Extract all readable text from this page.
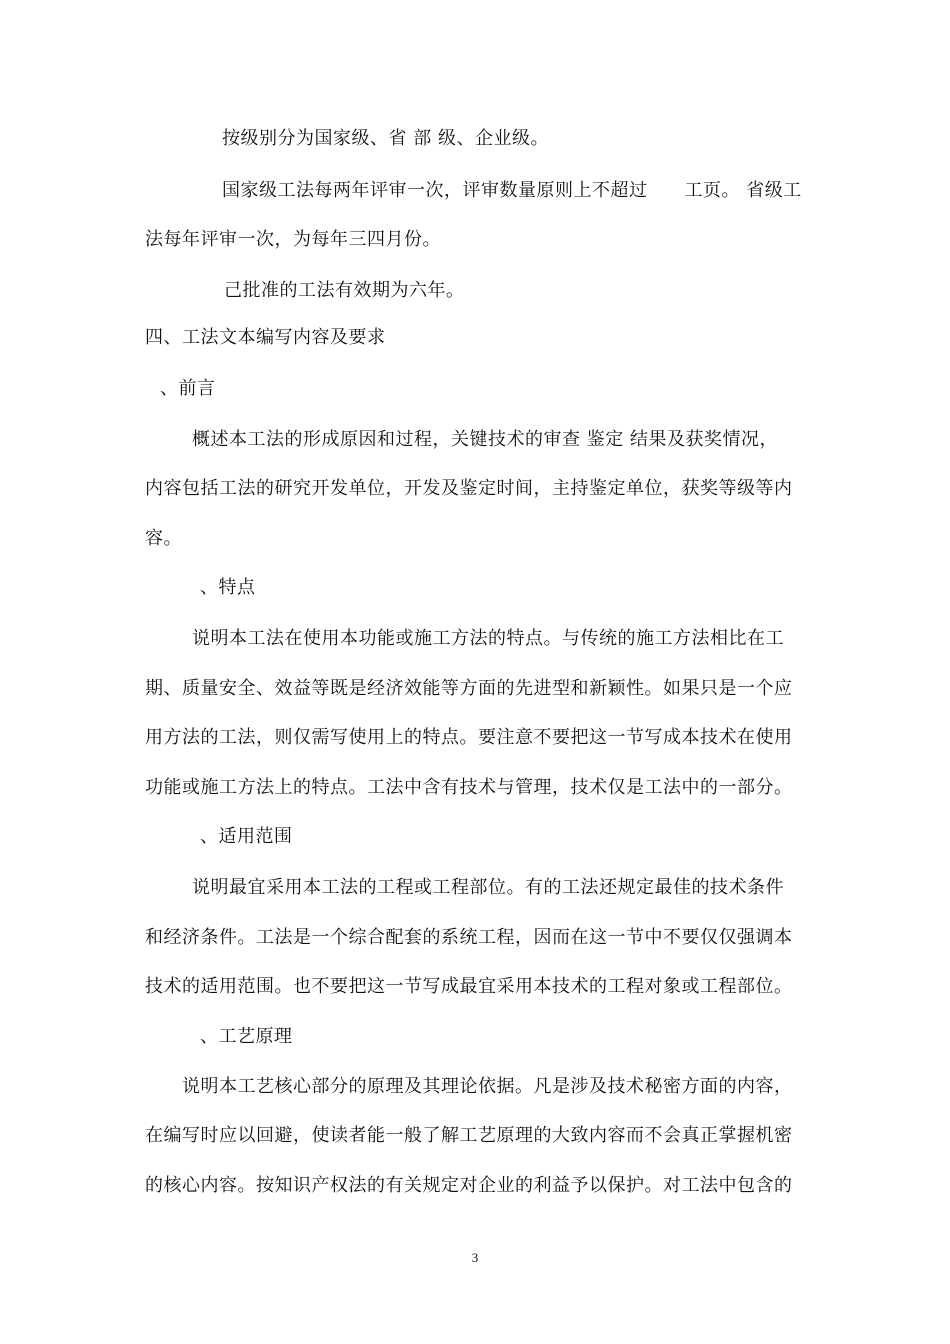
按级别分为国家级、省 部 级、企业级。
国家级工法每两年评审一次，评审数量原则上不超过　　工页。 省级工
法每年评审一次，为每年三四月份。
己批准的工法有效期为六年。
四、工法文本编写内容及要求
、前言
概述本工法的形成原因和过程，关键技术的审查 鉴定 结果及获奖情况，
内容包括工法的研究开发单位，开发及鉴定时间，主持鉴定单位，获奖等级等内
容。
、特点
说明本工法在使用本功能或施工方法的特点。与传统的施工方法相比在工
期、质量安全、效益等既是经济效能等方面的先进型和新颖性。如果只是一个应
用方法的工法，则仅需写使用上的特点。要注意不要把这一节写成本技术在使用
功能或施工方法上的特点。工法中含有技术与管理，技术仅是工法中的一部分。
、适用范围
说明最宜采用本工法的工程或工程部位。有的工法还规定最佳的技术条件
和经济条件。工法是一个综合配套的系统工程，因而在这一节中不要仅仅强调本
技术的适用范围。也不要把这一节写成最宜采用本技术的工程对象或工程部位。
、工艺原理
说明本工艺核心部分的原理及其理论依据。凡是涉及技术秘密方面的内容，
在编写时应以回避，使读者能一般了解工艺原理的大致内容而不会真正掌握机密
的核心内容。按知识产权法的有关规定对企业的利益予以保护。对工法中包含的
3
